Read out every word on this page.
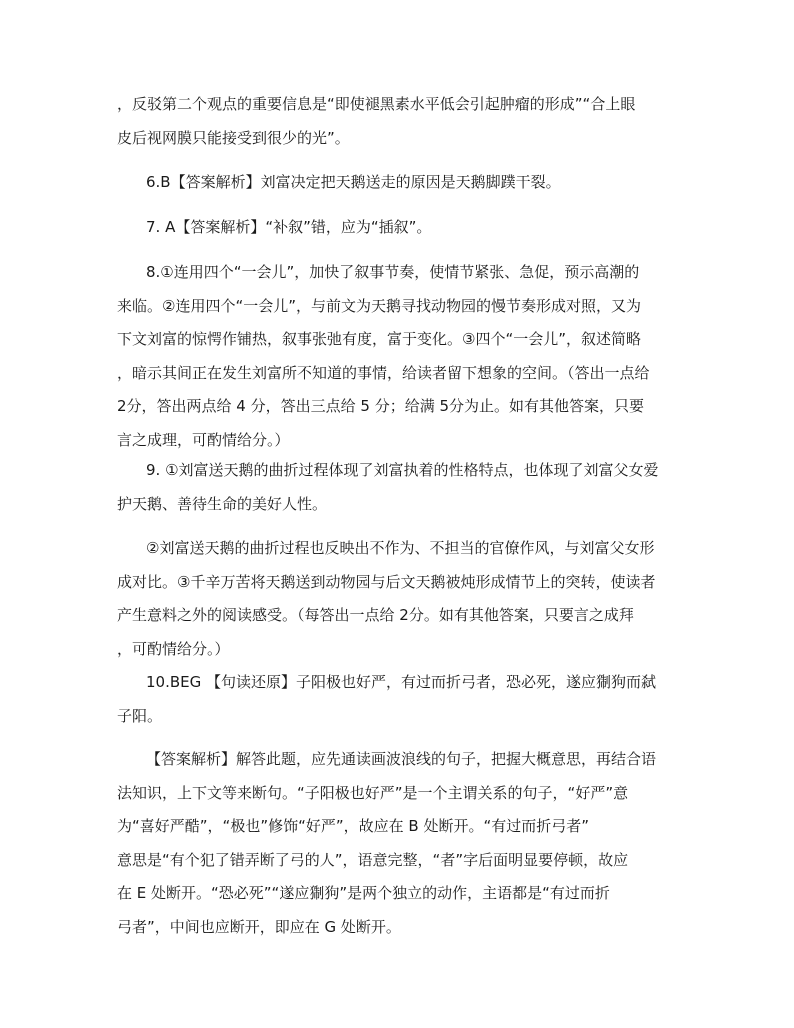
，反驳第二个观点的重要信息是“即使褪黑素水平低会引起肿瘤的形成”“合上眼
皮后视网膜只能接受到很少的光”。
6.B【答案解析】刘富决定把天鹅送走的原因是天鹅脚蹼干裂。
7. A【答案解析】“补叙”错，应为“插叙”。
8.①连用四个“一会儿”，加快了叙事节奏，使情节紧张、急促，预示高潮的
来临。②连用四个“一会儿”，与前文为天鹅寻找动物园的慢节奏形成对照，又为
下文刘富的惊愕作铺热，叙事张弛有度，富于变化。③四个“一会儿”，叙述简略
，暗示其间正在发生刘富所不知道的事情，给读者留下想象的空间。（答出一点给
2分，答出两点给 4 分，答出三点给 5 分；给满 5分为止。如有其他答案，只要
言之成理，可酌情给分。）
9. ①刘富送天鹅的曲折过程体现了刘富执着的性格特点，也体现了刘富父女爱
护天鹅、善待生命的美好人性。
②刘富送天鹅的曲折过程也反映出不作为、不担当的官僚作风，与刘富父女形
成对比。③千辛万苦将天鹅送到动物园与后文天鹅被炖形成情节上的突转，使读者
产生意料之外的阅读感受。（每答出一点给 2分。如有其他答案，只要言之成拜
，可酌情给分。）
10.BEG 【句读还原】子阳极也好严，有过而折弓者，恐必死，遂应猘狗而弑
子阳。
【答案解析】解答此题，应先通读画波浪线的句子，把握大概意思，再结合语
法知识，上下文等来断句。“子阳极也好严”是一个主谓关系的句子，“好严”意
为“喜好严酷”，“极也”修饰“好严”，故应在 B 处断开。“有过而折弓者”
意思是“有个犯了错弄断了弓的人”，语意完整，“者”字后面明显要停顿，故应
在 E 处断开。“恐必死”“遂应猘狗”是两个独立的动作，主语都是“有过而折
弓者”，中间也应断开，即应在 G 处断开。
